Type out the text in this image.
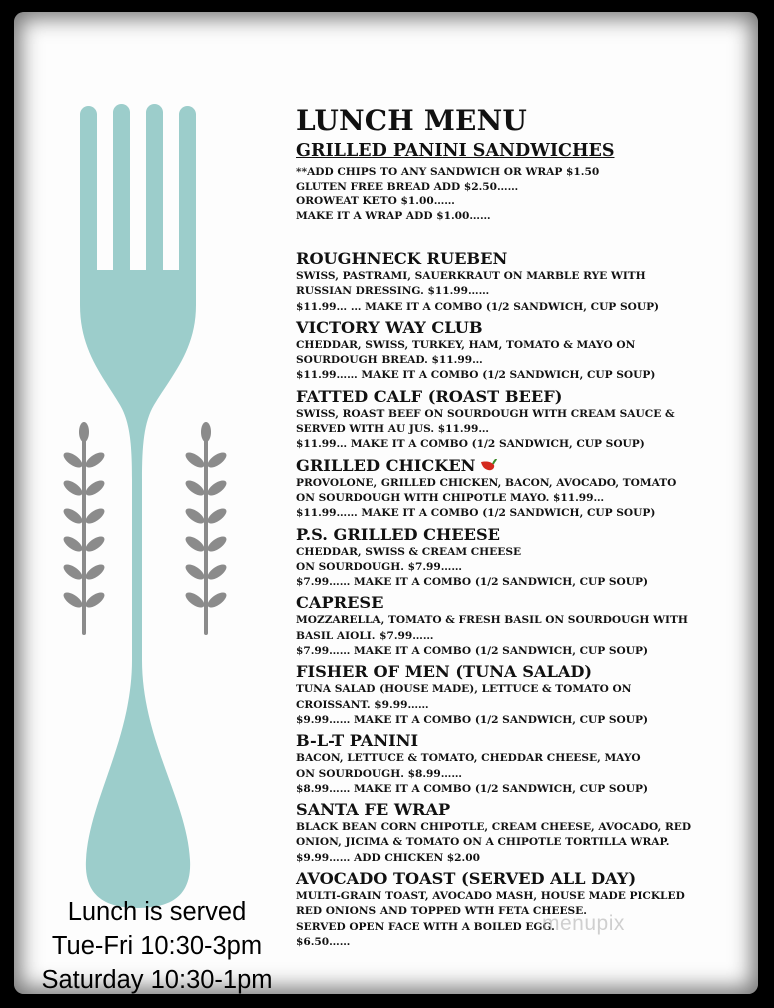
LUNCH MENU
GRILLED PANINI SANDWICHES
**ADD CHIPS TO ANY SANDWICH OR WRAP $1.50
GLUTEN FREE BREAD ADD $2.50……
OROWEAT KETO $1.00……
MAKE IT A WRAP ADD $1.00……
ROUGHNECK RUEBEN
SWISS, PASTRAMI, SAUERKRAUT ON MARBLE RYE WITH
RUSSIAN DRESSING. $11.99……
$11.99… … MAKE IT A COMBO (1/2 SANDWICH, CUP SOUP)
VICTORY WAY CLUB
CHEDDAR, SWISS, TURKEY, HAM, TOMATO & MAYO ON
SOURDOUGH BREAD. $11.99…
$11.99…… MAKE IT A COMBO (1/2 SANDWICH, CUP SOUP)
FATTED CALF (ROAST BEEF)
SWISS, ROAST BEEF ON SOURDOUGH WITH CREAM SAUCE &
SERVED WITH AU JUS. $11.99…
$11.99… MAKE IT A COMBO (1/2 SANDWICH, CUP SOUP)
GRILLED CHICKEN
PROVOLONE, GRILLED CHICKEN, BACON, AVOCADO, TOMATO
ON SOURDOUGH WITH CHIPOTLE MAYO. $11.99…
$11.99…… MAKE IT A COMBO (1/2 SANDWICH, CUP SOUP)
P.S. GRILLED CHEESE
CHEDDAR, SWISS & CREAM CHEESE
ON SOURDOUGH. $7.99……
$7.99…… MAKE IT A COMBO (1/2 SANDWICH, CUP SOUP)
CAPRESE
MOZZARELLA, TOMATO & FRESH BASIL ON SOURDOUGH WITH
BASIL AIOLI. $7.99……
$7.99…… MAKE IT A COMBO (1/2 SANDWICH, CUP SOUP)
FISHER OF MEN (TUNA SALAD)
TUNA SALAD (HOUSE MADE), LETTUCE & TOMATO ON
CROISSANT. $9.99……
$9.99…… MAKE IT A COMBO (1/2 SANDWICH, CUP SOUP)
B-L-T PANINI
BACON, LETTUCE & TOMATO, CHEDDAR CHEESE, MAYO
ON SOURDOUGH. $8.99……
$8.99…… MAKE IT A COMBO (1/2 SANDWICH, CUP SOUP)
SANTA FE WRAP
BLACK BEAN CORN CHIPOTLE, CREAM CHEESE, AVOCADO, RED
ONION, JICIMA & TOMATO ON A CHIPOTLE TORTILLA WRAP.
$9.99…… ADD CHICKEN $2.00
AVOCADO TOAST (SERVED ALL DAY)
MULTI-GRAIN TOAST, AVOCADO MASH, HOUSE MADE PICKLED
RED ONIONS AND TOPPED WTH FETA CHEESE.
SERVED OPEN FACE WITH A BOILED EGG.
$6.50……
Lunch is served
Tue-Fri 10:30-3pm
Saturday 10:30-1pm
menupix
